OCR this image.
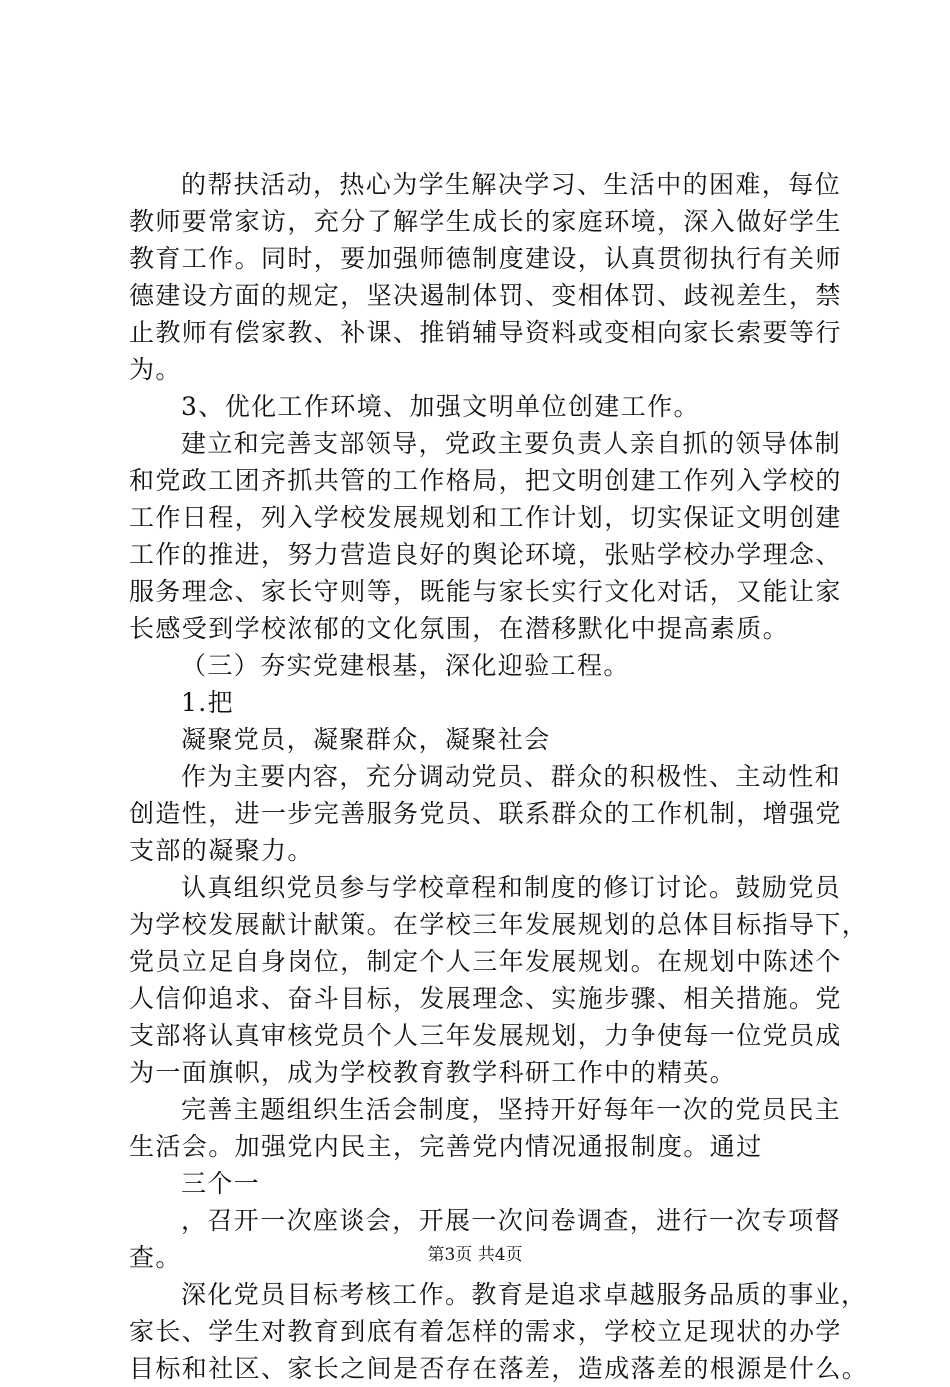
的帮扶活动，热心为学生解决学习、生活中的困难，每位
教师要常家访，充分了解学生成长的家庭环境，深入做好学生
教育工作。同时，要加强师德制度建设，认真贯彻执行有关师
德建设方面的规定，坚决遏制体罚、变相体罚、歧视差生，禁
止教师有偿家教、补课、推销辅导资料或变相向家长索要等行
为。
3、优化工作环境、加强文明单位创建工作。
建立和完善支部领导，党政主要负责人亲自抓的领导体制
和党政工团齐抓共管的工作格局，把文明创建工作列入学校的
工作日程，列入学校发展规划和工作计划，切实保证文明创建
工作的推进，努力营造良好的舆论环境，张贴学校办学理念、
服务理念、家长守则等，既能与家长实行文化对话，又能让家
长感受到学校浓郁的文化氛围，在潜移默化中提高素质。
（三）夯实党建根基，深化迎验工程。
1.把
凝聚党员，凝聚群众，凝聚社会
作为主要内容，充分调动党员、群众的积极性、主动性和
创造性，进一步完善服务党员、联系群众的工作机制，增强党
支部的凝聚力。
认真组织党员参与学校章程和制度的修订讨论。鼓励党员
为学校发展献计献策。在学校三年发展规划的总体目标指导下，
党员立足自身岗位，制定个人三年发展规划。在规划中陈述个
人信仰追求、奋斗目标，发展理念、实施步骤、相关措施。党
支部将认真审核党员个人三年发展规划，力争使每一位党员成
为一面旗帜，成为学校教育教学科研工作中的精英。
完善主题组织生活会制度，坚持开好每年一次的党员民主
生活会。加强党内民主，完善党内情况通报制度。通过
三个一
，召开一次座谈会，开展一次问卷调查，进行一次专项督
查。
深化党员目标考核工作。教育是追求卓越服务品质的事业，
家长、学生对教育到底有着怎样的需求，学校立足现状的办学
目标和社区、家长之间是否存在落差，造成落差的根源是什么。
第3页 共4页
